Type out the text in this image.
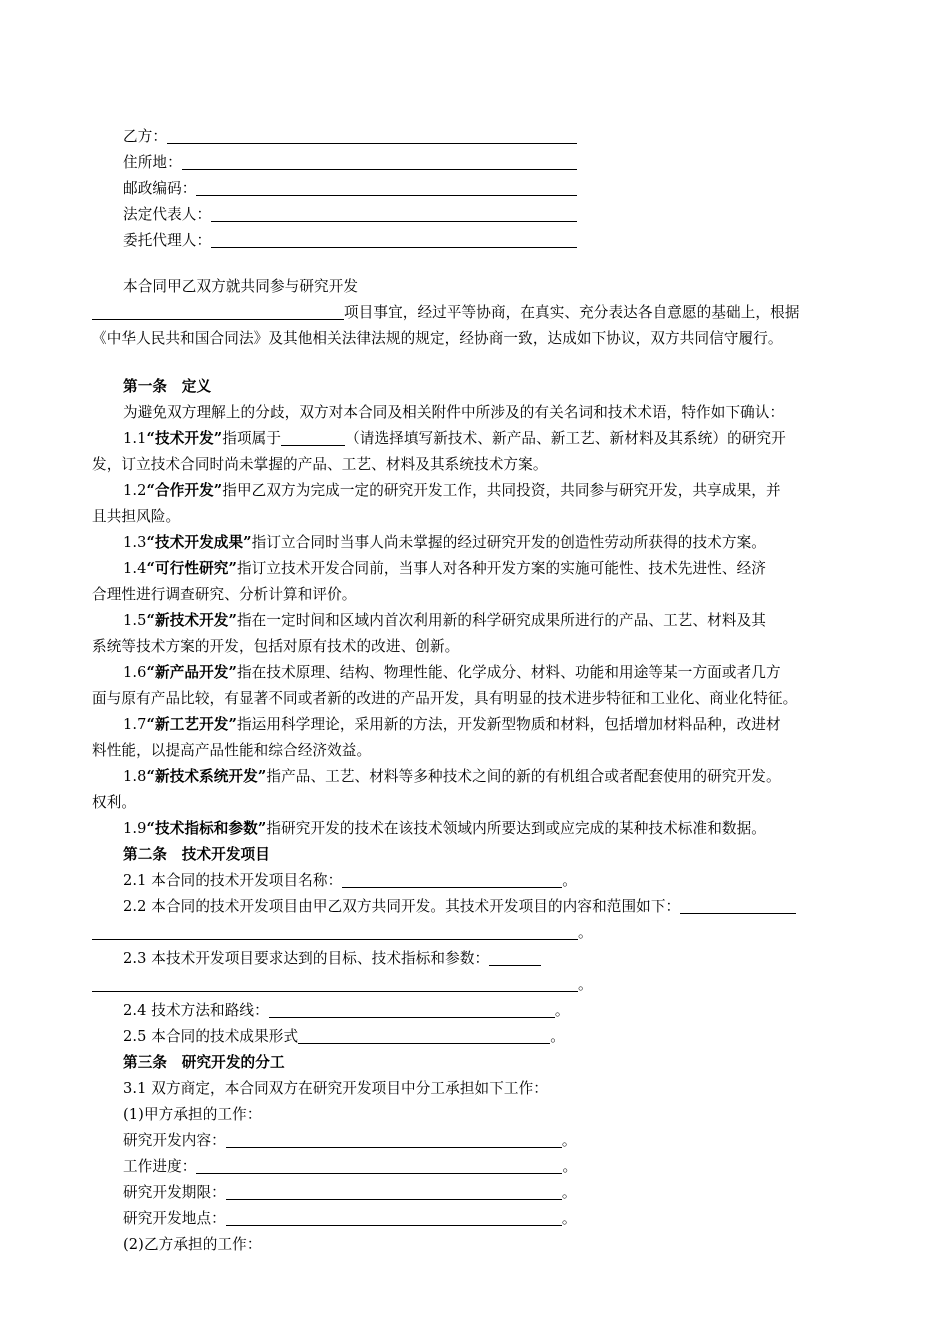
乙方：
住所地：
邮政编码：
法定代表人：
委托代理人：
本合同甲乙双方就共同参与研究开发
项目事宜，经过平等协商，在真实、充分表达各自意愿的基础上，根据
《中华人民共和国合同法》及其他相关法律法规的规定，经协商一致，达成如下协议，双方共同信守履行。
第一条　定义
为避免双方理解上的分歧，双方对本合同及相关附件中所涉及的有关名词和技术术语，特作如下确认：
1.1“技术开发”指项属于	（请选择填写新技术、新产品、新工艺、新材料及其系统）的研究开
发，订立技术合同时尚未掌握的产品、工艺、材料及其系统技术方案。
1.2“合作开发”指甲乙双方为完成一定的研究开发工作，共同投资，共同参与研究开发，共享成果，并
且共担风险。
1.3“技术开发成果”指订立合同时当事人尚未掌握的经过研究开发的创造性劳动所获得的技术方案。
1.4“可行性研究”指订立技术开发合同前，当事人对各种开发方案的实施可能性、技术先进性、经济
合理性进行调查研究、分析计算和评价。
1.5“新技术开发”指在一定时间和区域内首次利用新的科学研究成果所进行的产品、工艺、材料及其
系统等技术方案的开发，包括对原有技术的改进、创新。
1.6“新产品开发”指在技术原理、结构、物理性能、化学成分、材料、功能和用途等某一方面或者几方
面与原有产品比较，有显著不同或者新的改进的产品开发，具有明显的技术进步特征和工业化、商业化特征。
1.7“新工艺开发”指运用科学理论，采用新的方法，开发新型物质和材料，包括增加材料品种，改进材
料性能，以提高产品性能和综合经济效益。
1.8“新技术系统开发”指产品、工艺、材料等多种技术之间的新的有机组合或者配套使用的研究开发。
权利。
1.9“技术指标和参数”指研究开发的技术在该技术领域内所要达到或应完成的某种技术标准和数据。
第二条　技术开发项目
2.1 本合同的技术开发项目名称：	。
2.2 本合同的技术开发项目由甲乙双方共同开发。其技术开发项目的内容和范围如下：
。
2.3 本技术开发项目要求达到的目标、技术指标和参数：
。
2.4 技术方法和路线：	。
2.5 本合同的技术成果形式	。
第三条　研究开发的分工
3.1 双方商定，本合同双方在研究开发项目中分工承担如下工作：
(1)甲方承担的工作：
研究开发内容：	。
工作进度：	。
研究开发期限：	。
研究开发地点：	。
(2)乙方承担的工作：
